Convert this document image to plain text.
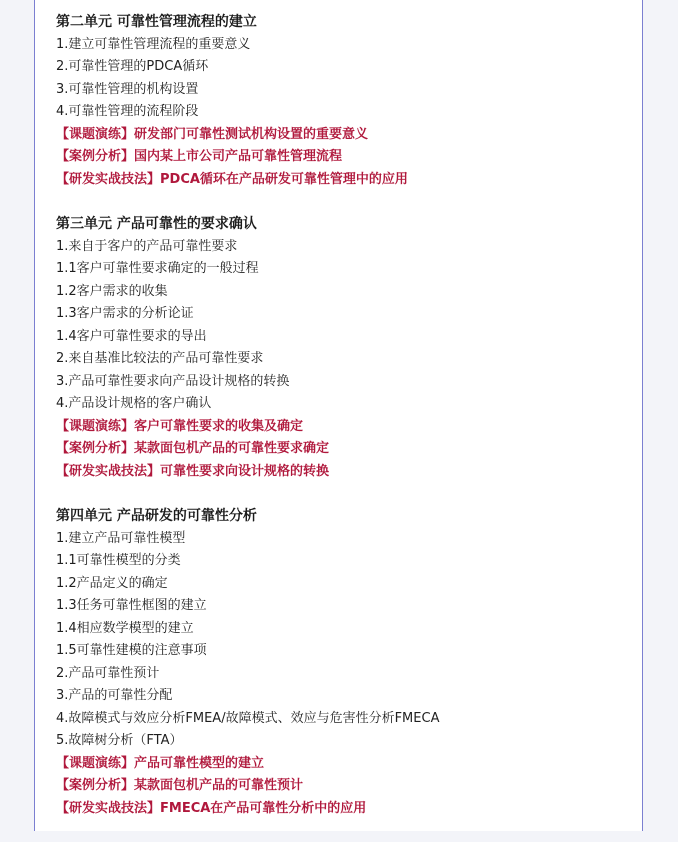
第二单元 可靠性管理流程的建立
1.建立可靠性管理流程的重要意义
2.可靠性管理的PDCA循环
3.可靠性管理的机构设置
4.可靠性管理的流程阶段
【课题演练】研发部门可靠性测试机构设置的重要意义
【案例分析】国内某上市公司产品可靠性管理流程
【研发实战技法】PDCA循环在产品研发可靠性管理中的应用
第三单元 产品可靠性的要求确认
1.来自于客户的产品可靠性要求
1.1客户可靠性要求确定的一般过程
1.2客户需求的收集
1.3客户需求的分析论证
1.4客户可靠性要求的导出
2.来自基准比较法的产品可靠性要求
3.产品可靠性要求向产品设计规格的转换
4.产品设计规格的客户确认
【课题演练】客户可靠性要求的收集及确定
【案例分析】某款面包机产品的可靠性要求确定
【研发实战技法】可靠性要求向设计规格的转换
第四单元 产品研发的可靠性分析
1.建立产品可靠性模型
1.1可靠性模型的分类
1.2产品定义的确定
1.3任务可靠性框图的建立
1.4相应数学模型的建立
1.5可靠性建模的注意事项
2.产品可靠性预计
3.产品的可靠性分配
4.故障模式与效应分析FMEA/故障模式、效应与危害性分析FMECA
5.故障树分析（FTA）
【课题演练】产品可靠性模型的建立
【案例分析】某款面包机产品的可靠性预计
【研发实战技法】FMECA在产品可靠性分析中的应用
